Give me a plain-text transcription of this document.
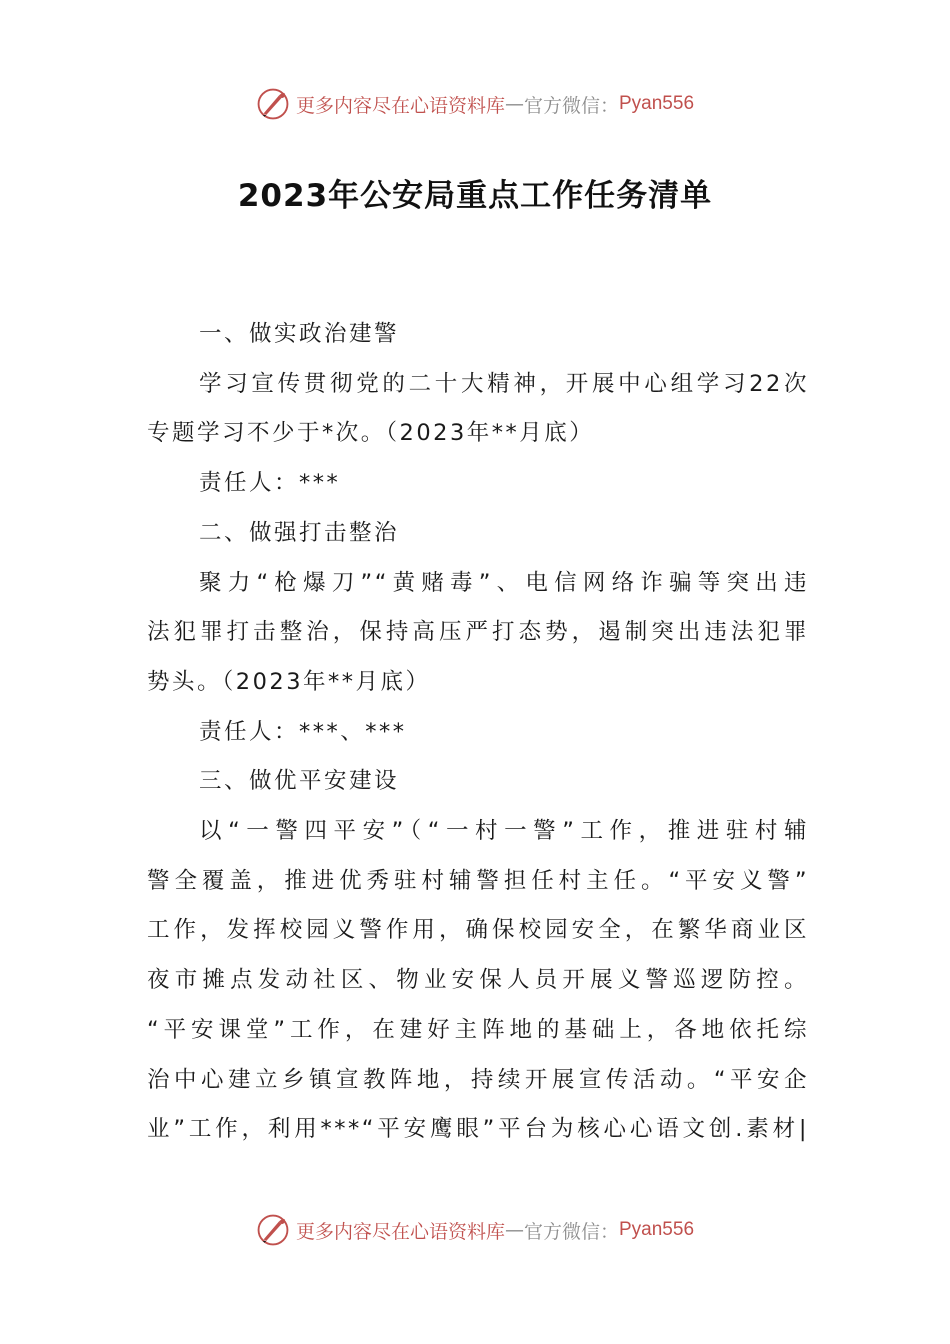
更多内容尽在心语资料库 — 官方微信： Pyan556
2023年公安局重点工作任务清单

一、做实政治建警

学习宣传贯彻党的二十大精神，开展中心组学习22次

专题学习不少于*次。（2023年**月底）

责任人：***

二、做强打击整治

聚力“枪爆刀”“黄赌毒”、电信网络诈骗等突出违

法犯罪打击整治，保持高压严打态势，遏制突出违法犯罪

势头。（2023年**月底）

责任人：***、***

三、做优平安建设

以“一警四平安”（“一村一警”工作，推进驻村辅

警全覆盖，推进优秀驻村辅警担任村主任。“平安义警”

工作，发挥校园义警作用，确保校园安全，在繁华商业区

夜市摊点发动社区、物业安保人员开展义警巡逻防控。

“平安课堂”工作，在建好主阵地的基础上，各地依托综

治中心建立乡镇宣教阵地，持续开展宣传活动。“平安企

业”工作，利用***“平安鹰眼”平台为核心心语文创.素材|

更多内容尽在心语资料库 — 官方微信： Pyan556
